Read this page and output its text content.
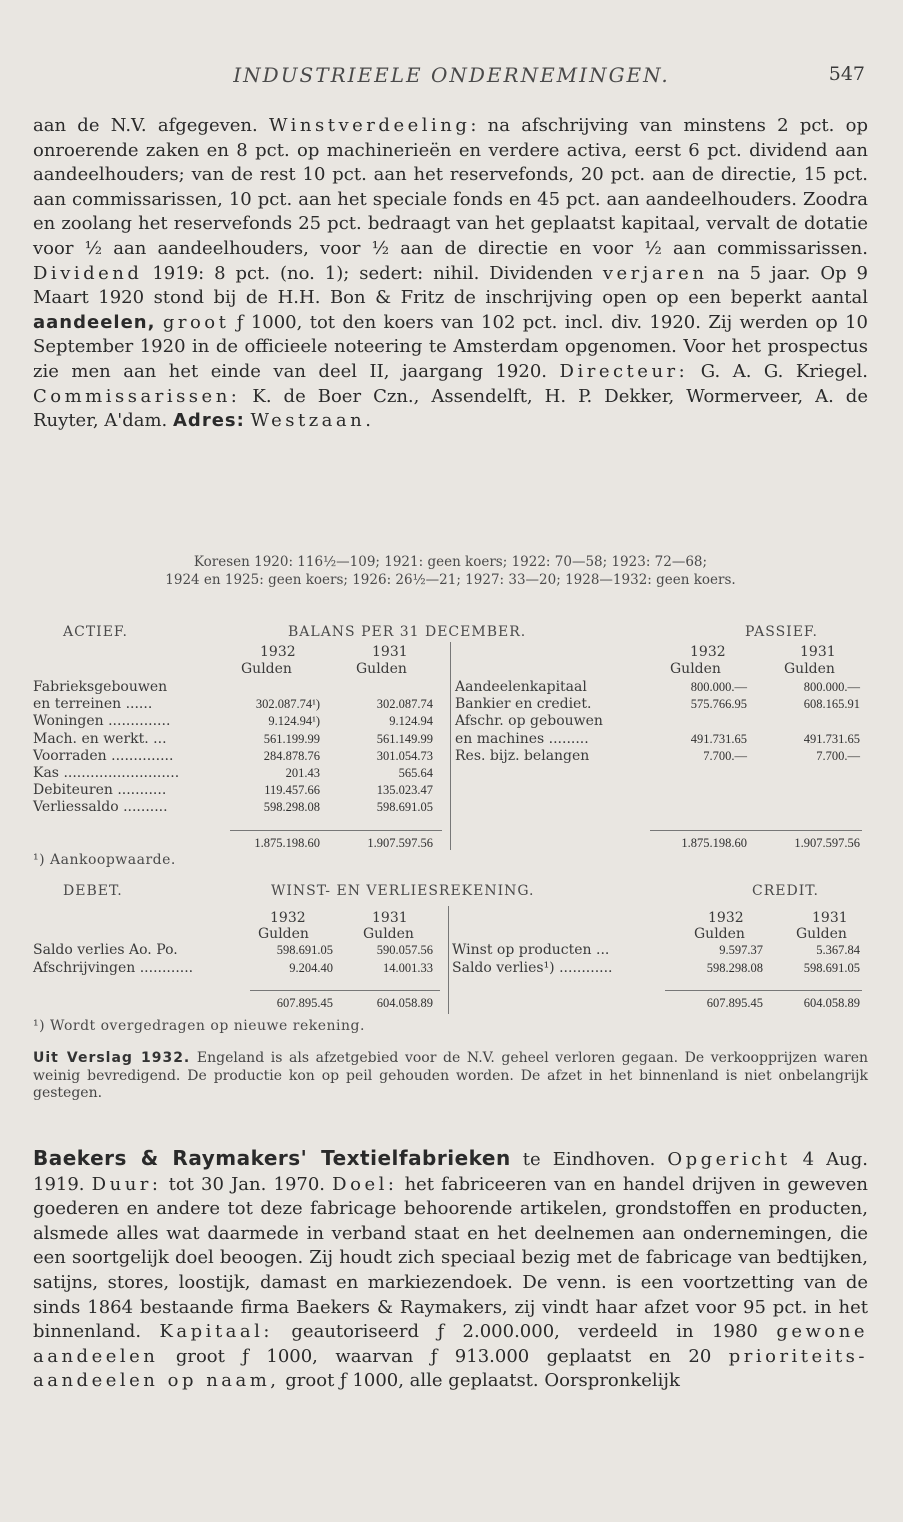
INDUSTRIEELE ONDERNEMINGEN.	547
aan de N.V. afgegeven. Winstverdeeling: na afschrijving van minstens 2 pct. op onroerende zaken en 8 pct. op machinerieën en verdere activa, eerst 6 pct. dividend aan aandeelhouders; van de rest 10 pct. aan het reservefonds, 20 pct. aan de directie, 15 pct. aan commissarissen, 10 pct. aan het speciale fonds en 45 pct. aan aandeelhouders. Zoodra en zoolang het reservefonds 25 pct. bedraagt van het geplaatst kapitaal, vervalt de dotatie voor ½ aan aandeelhouders, voor ½ aan de directie en voor ½ aan commissarissen. Dividend 1919: 8 pct. (no. 1); sedert: nihil. Dividenden verjaren na 5 jaar. Op 9 Maart 1920 stond bij de H.H. Bon & Fritz de inschrijving open op een beperkt aantal aandeelen, groot ƒ 1000, tot den koers van 102 pct. incl. div. 1920. Zij werden op 10 September 1920 in de officieele noteering te Amsterdam opgenomen. Voor het prospectus zie men aan het einde van deel II, jaargang 1920. Directeur: G. A. G. Kriegel. Commissarissen: K. de Boer Czn., Assendelft, H. P. Dekker, Wormerveer, A. de Ruyter, A'dam. Adres: Westzaan.
Koresen 1920: 116½—109; 1921: geen koers; 1922: 70—58; 1923: 72—68;
1924 en 1925: geen koers; 1926: 26½—21; 1927: 33—20; 1928—1932: geen koers.
ACTIEF.	BALANS PER 31 DECEMBER.	PASSIEF.
1932	1931
Gulden	Gulden
1932	1931
Gulden	Gulden
Fabrieksgebouwen
en terreinen ......	302.087.74¹)	302.087.74
Woningen ..............	9.124.94¹)	9.124.94
Mach. en werkt. ...	561.199.99	561.149.99
Voorraden ..............	284.878.76	301.054.73
Kas ..........................	201.43	565.64
Debiteuren ...........	119.457.66	135.023.47
Verliessaldo ..........	598.298.08	598.691.05
Aandeelenkapitaal	800.000.—	800.000.—
Bankier en crediet.	575.766.95	608.165.91
Afschr. op gebouwen
en machines .........	491.731.65	491.731.65
Res. bijz. belangen	7.700.—	7.700.—
1.875.198.60	1.907.597.56	1.875.198.60	1.907.597.56
¹) Aankoopwaarde.
DEBET.	WINST- EN VERLIESREKENING.	CREDIT.
1932	1931
Gulden	Gulden
1932	1931
Gulden	Gulden
Saldo verlies Ao. Po.	598.691.05	590.057.56
Afschrijvingen ............	9.204.40	14.001.33
Winst op producten ...	9.597.37	5.367.84
Saldo verlies¹) ............	598.298.08	598.691.05
607.895.45	604.058.89	607.895.45	604.058.89
¹) Wordt overgedragen op nieuwe rekening.
Uit Verslag 1932. Engeland is als afzetgebied voor de N.V. geheel verloren gegaan. De verkoopprijzen waren weinig bevredigend. De productie kon op peil gehouden worden. De afzet in het binnenland is niet onbelangrijk gestegen.
Baekers & Raymakers' Textielfabrieken te Eindhoven. Opgericht 4 Aug. 1919. Duur: tot 30 Jan. 1970. Doel: het fabriceeren van en handel drijven in geweven goederen en andere tot deze fabricage behoorende artikelen, grondstoffen en producten, alsmede alles wat daarmede in verband staat en het deelnemen aan ondernemingen, die een soortgelijk doel beoogen. Zij houdt zich speciaal bezig met de fabricage van bedtijken, satijns, stores, loostijk, damast en markiezendoek. De venn. is een voortzetting van de sinds 1864 bestaande firma Baekers & Raymakers, zij vindt haar afzet voor 95 pct. in het binnenland. Kapitaal: geautoriseerd ƒ 2.000.000, verdeeld in 1980 gewone aandeelen groot ƒ 1000, waarvan ƒ 913.000 geplaatst en 20 prioriteits-aandeelen op naam, groot ƒ 1000, alle geplaatst. Oorspronkelijk
